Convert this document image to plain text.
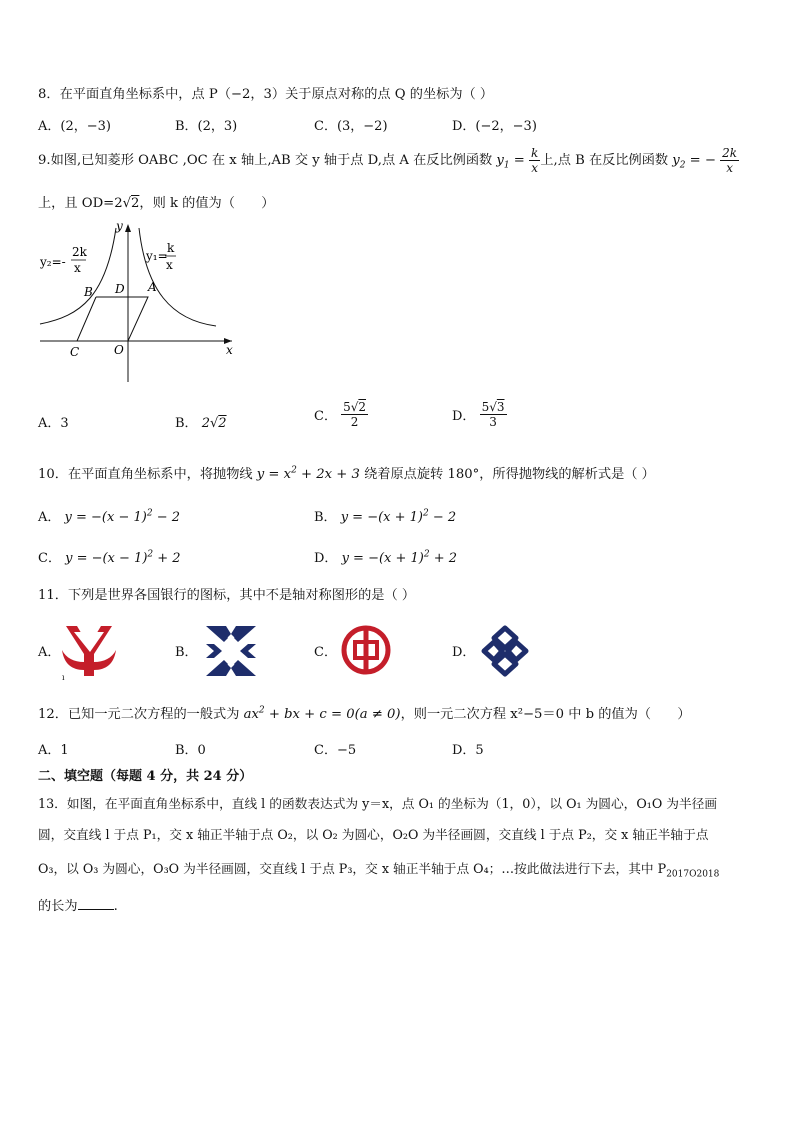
8．在平面直角坐标系中，点 P（−2，3）关于原点对称的点 Q 的坐标为（ ）
A．(2，−3)	B．(2，3)	C．(3，−2)	D．(−2，−3)
9.如图,已知菱形 OABC ,OC 在 x 轴上,AB 交 y 轴于点 D,点 A 在反比例函数 $y_1 = \frac{k}{x}$ 上,点 B 在反比例函数 $y_2$ = − $\frac{2k}{x}$
上，且 OD=2√2，则 k 的值为（　　）
y₂=-
2k
x
y₁=
k
x
B D A
C	O	x
y
A．3	B． 2√2	C． $\frac{5√2}{2}$	D． $\frac{5√3}{3}$
10．在平面直角坐标系中，将抛物线 $y = x^2 + 2x + 3$ 绕着原点旋转 180°，所得抛物线的解析式是（ ）
A． $y = -(x - 1)^2 - 2$	B． $y = -(x + 1)^2 - 2$
C． $y = -(x - 1)^2 + 2$	D． $y = -(x + 1)^2 + 2$
11．下列是世界各国银行的图标，其中不是轴对称图形的是（ ）
A．	B．	C．	D．
ı
12．已知一元二次方程的一般式为 $ax^2$ + bx + c = 0(a ≠ 0)，则一元二次方程 x²−5＝0 中 b 的值为（　　）
A．1	B．0	C．−5	D．5
二、填空题（每题 4 分，共 24 分）
13．如图，在平面直角坐标系中，直线 l 的函数表达式为 y＝x，点 O₁ 的坐标为（1，0），以 O₁ 为圆心，O₁O 为半径画
圆，交直线 l 于点 P₁，交 x 轴正半轴于点 O₂，以 O₂ 为圆心，O₂O 为半径画圆，交直线 l 于点 P₂，交 x 轴正半轴于点
O₃，以 O₃ 为圆心，O₃O 为半径画圆，交直线 l 于点 P₃，交 x 轴正半轴于点 O₄；…按此做法进行下去，其中 $P_{2017O2018}$
的长为	.
